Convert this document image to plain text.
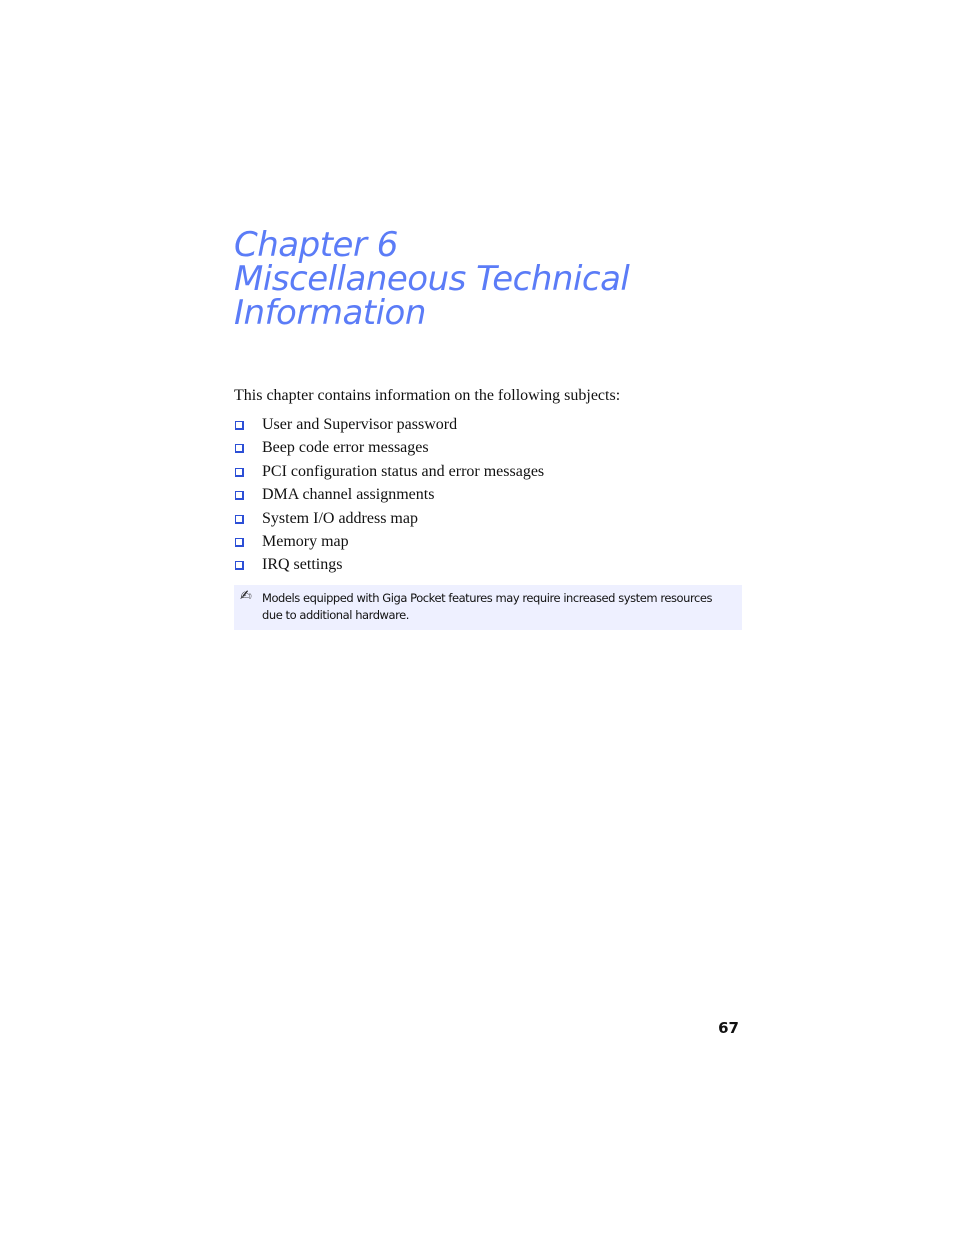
Chapter 6
Miscellaneous Technical
Information

This chapter contains information on the following subjects:

User and Supervisor password
Beep code error messages
PCI configuration status and error messages
DMA channel assignments
System I/O address map
Memory map
IRQ settings
✍ Models equipped with Giga Pocket features may require increased system resources due to additional hardware.

67
